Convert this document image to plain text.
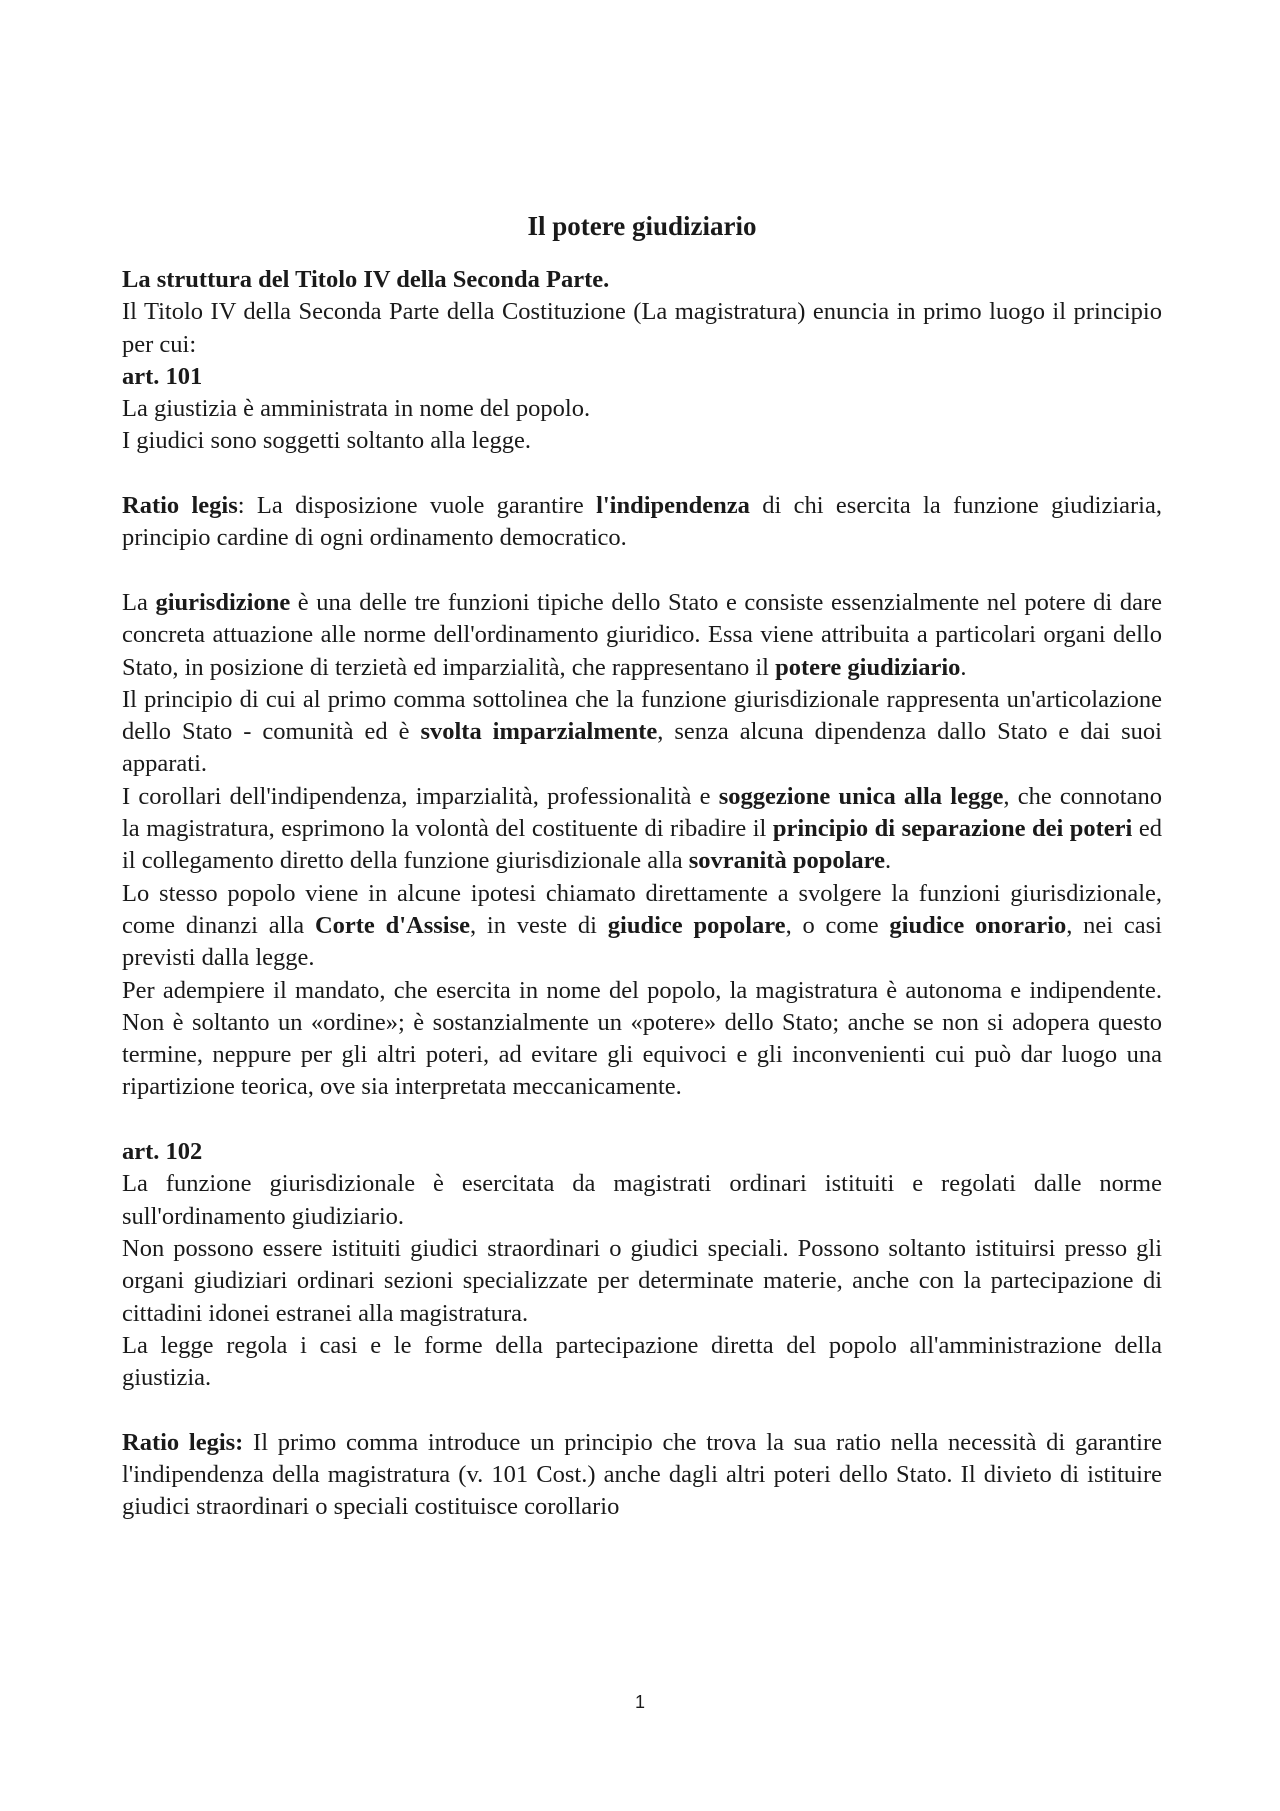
Il potere giudiziario

La struttura del Titolo IV della Seconda Parte.

Il Titolo IV della Seconda Parte della Costituzione (La magistratura) enuncia in primo luogo il principio per cui:

art. 101

La giustizia è amministrata in nome del popolo.

I giudici sono soggetti soltanto alla legge.

Ratio legis: La disposizione vuole garantire l'indipendenza di chi esercita la funzione giudiziaria, principio cardine di ogni ordinamento democratico.

La giurisdizione è una delle tre funzioni tipiche dello Stato e consiste essenzialmente nel potere di dare concreta attuazione alle norme dell'ordinamento giuridico. Essa viene attribuita a particolari organi dello Stato, in posizione di terzietà ed imparzialità, che rappresentano il potere giudiziario.

Il principio di cui al primo comma sottolinea che la funzione giurisdizionale rappresenta un'articolazione dello Stato - comunità ed è svolta imparzialmente, senza alcuna dipendenza dallo Stato e dai suoi apparati.

I corollari dell'indipendenza, imparzialità, professionalità e soggezione unica alla legge, che connotano la magistratura, esprimono la volontà del costituente di ribadire il principio di separazione dei poteri ed il collegamento diretto della funzione giurisdizionale alla sovranità popolare.

Lo stesso popolo viene in alcune ipotesi chiamato direttamente a svolgere la funzioni giurisdizionale, come dinanzi alla Corte d'Assise, in veste di giudice popolare, o come giudice onorario, nei casi previsti dalla legge.

Per adempiere il mandato, che esercita in nome del popolo, la magistratura è autonoma e indipendente. Non è soltanto un «ordine»; è sostanzialmente un «potere» dello Stato; anche se non si adopera questo termine, neppure per gli altri poteri, ad evitare gli equivoci e gli inconvenienti cui può dar luogo una ripartizione teorica, ove sia interpretata meccanicamente.

art. 102

La funzione giurisdizionale è esercitata da magistrati ordinari istituiti e regolati dalle norme sull'ordinamento giudiziario.

Non possono essere istituiti giudici straordinari o giudici speciali. Possono soltanto istituirsi presso gli organi giudiziari ordinari sezioni specializzate per determinate materie, anche con la partecipazione di cittadini idonei estranei alla magistratura.

La legge regola i casi e le forme della partecipazione diretta del popolo all'amministrazione della giustizia.

Ratio legis: Il primo comma introduce un principio che trova la sua ratio nella necessità di garantire l'indipendenza della magistratura (v. 101 Cost.) anche dagli altri poteri dello Stato. Il divieto di istituire giudici straordinari o speciali costituisce corollario

1
